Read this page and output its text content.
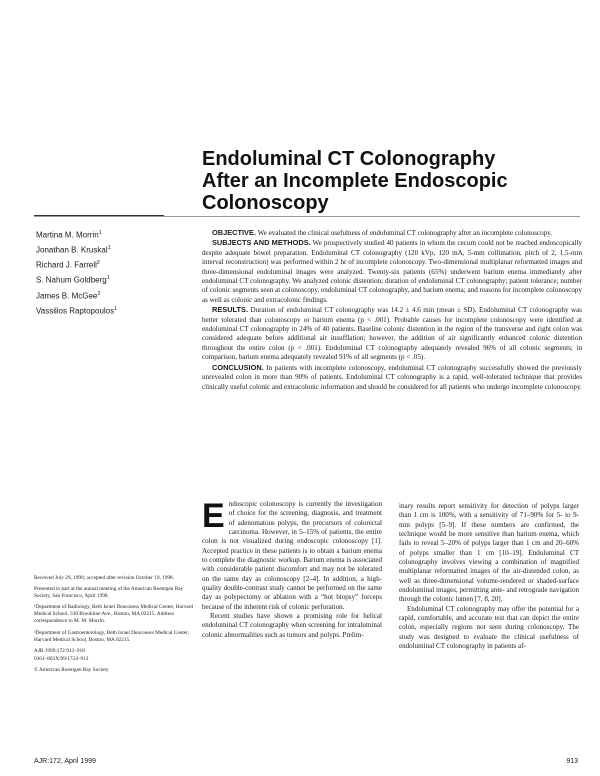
Endoluminal CT Colonography
After an Incomplete Endoscopic
Colonoscopy
Martina M. Morrin$^1$
Jonathan B. Kruskal$^1$
Richard J. Farrell$^2$
S. Nahum Goldberg$^1$
James B. McGee$^2$
Vassilios Raptopoulos$^1$

OBJECTIVE. We evaluated the clinical usefulness of endoluminal CT colonography after an incomplete colonoscopy.

SUBJECTS AND METHODS. We prospectively studied 40 patients in whom the cecum could not be reached endoscopically despite adequate bowel preparation. Endoluminal CT colonography (120 kVp, 120 mA, 5-mm collimation, pitch of 2, 1.5-mm interval reconstruction) was performed within 2 hr of incomplete colonoscopy. Two-dimensional multiplanar reformatted images and three-dimensional endoluminal images were analyzed. Twenty-six patients (65%) underwent barium enema immediately after endoluminal CT colonography. We analyzed colonic distention; duration of endoluminal CT colonography; patient tolerance; number of colonic segments seen at colonoscopy, endoluminal CT colonography, and barium enema; and reasons for incomplete colonoscopy as well as colonic and extracolonic findings.

RESULTS. Duration of endoluminal CT colonography was 14.2 ± 4.6 min (mean ± SD). Endoluminal CT colonography was better tolerated than colonoscopy or barium enema (p < .001). Probable causes for incomplete colonoscopy were identified at endoluminal CT colonography in 24% of 40 patients. Baseline colonic distention in the region of the transverse and right colon was considered adequate before additional air insufflation; however, the addition of air significantly enhanced colonic distention throughout the entire colon (p < .001). Endoluminal CT colonography adequately revealed 96% of all colonic segments; in comparison, barium enema adequately revealed 91% of all segments (p < .05).

CONCLUSION. In patients with incomplete colonoscopy, endoluminal CT colonography successfully showed the previously unrevealed colon in more than 90% of patients. Endoluminal CT colonography is a rapid, well-tolerated technique that provides clinically useful colonic and extracolonic information and should be considered for all patients who undergo incomplete colonoscopy.

Received July 29, 1998; accepted after revision October 19, 1998.

Presented in part at the annual meeting of the American Roentgen Ray Society, San Francisco, April 1998.

¹Department of Radiology, Beth Israel Deaconess Medical Center, Harvard Medical School, 330 Brookline Ave., Boston, MA 02215. Address correspondence to M. M. Morrin.

²Department of Gastroenterology, Beth Israel Deaconess Medical Center, Harvard Medical School, Boston, MA 02215.

AJR 1999;172:913–918

0361–803X/99/1724–913

© American Roentgen Ray Society

Endoscopic colonoscopy is currently the investigation of choice for the screening, diagnosis, and treatment of adenomatous polyps, the precursors of colorectal carcinoma. However, in 5–15% of patients, the entire colon is not visualized during endoscopic colonoscopy [1]. Accepted practice in these patients is to obtain a barium enema to complete the diagnostic workup. Barium enema is associated with considerable patient discomfort and may not be tolerated on the same day as colonoscopy [2–4]. In addition, a high-quality double-contrast study cannot be performed on the same day as polypectomy or ablation with a “hot biopsy” forceps because of the inherent risk of colonic perforation.

Recent studies have shown a promising role for helical endoluminal CT colonography when screening for intraluminal colonic abnormalities such as tumors and polyps. Prelim-

inary results report sensitivity for detection of polyps larger than 1 cm is 100%, with a sensitivity of 71–90% for 5- to 9-mm polyps [5–9]. If these numbers are confirmed, the technique would be more sensitive than barium enema, which fails to reveal 5–20% of polyps larger than 1 cm and 20–60% of polyps smaller than 1 cm [10–19]. Endoluminal CT colonography involves viewing a combination of magnified multiplanar reformatted images of the air-distended colon, as well as three-dimensional volume-rendered or shaded-surface endoluminal images, permitting ante- and retrograde navigation through the colonic lumen [7, 8, 20].

Endoluminal CT colonography may offer the potential for a rapid, comfortable, and accurate test that can depict the entire colon, especially regions not seen during colonoscopy. The study was designed to evaluate the clinical usefulness of endoluminal CT colonography in patients af-

AJR:172, April 1999	913
